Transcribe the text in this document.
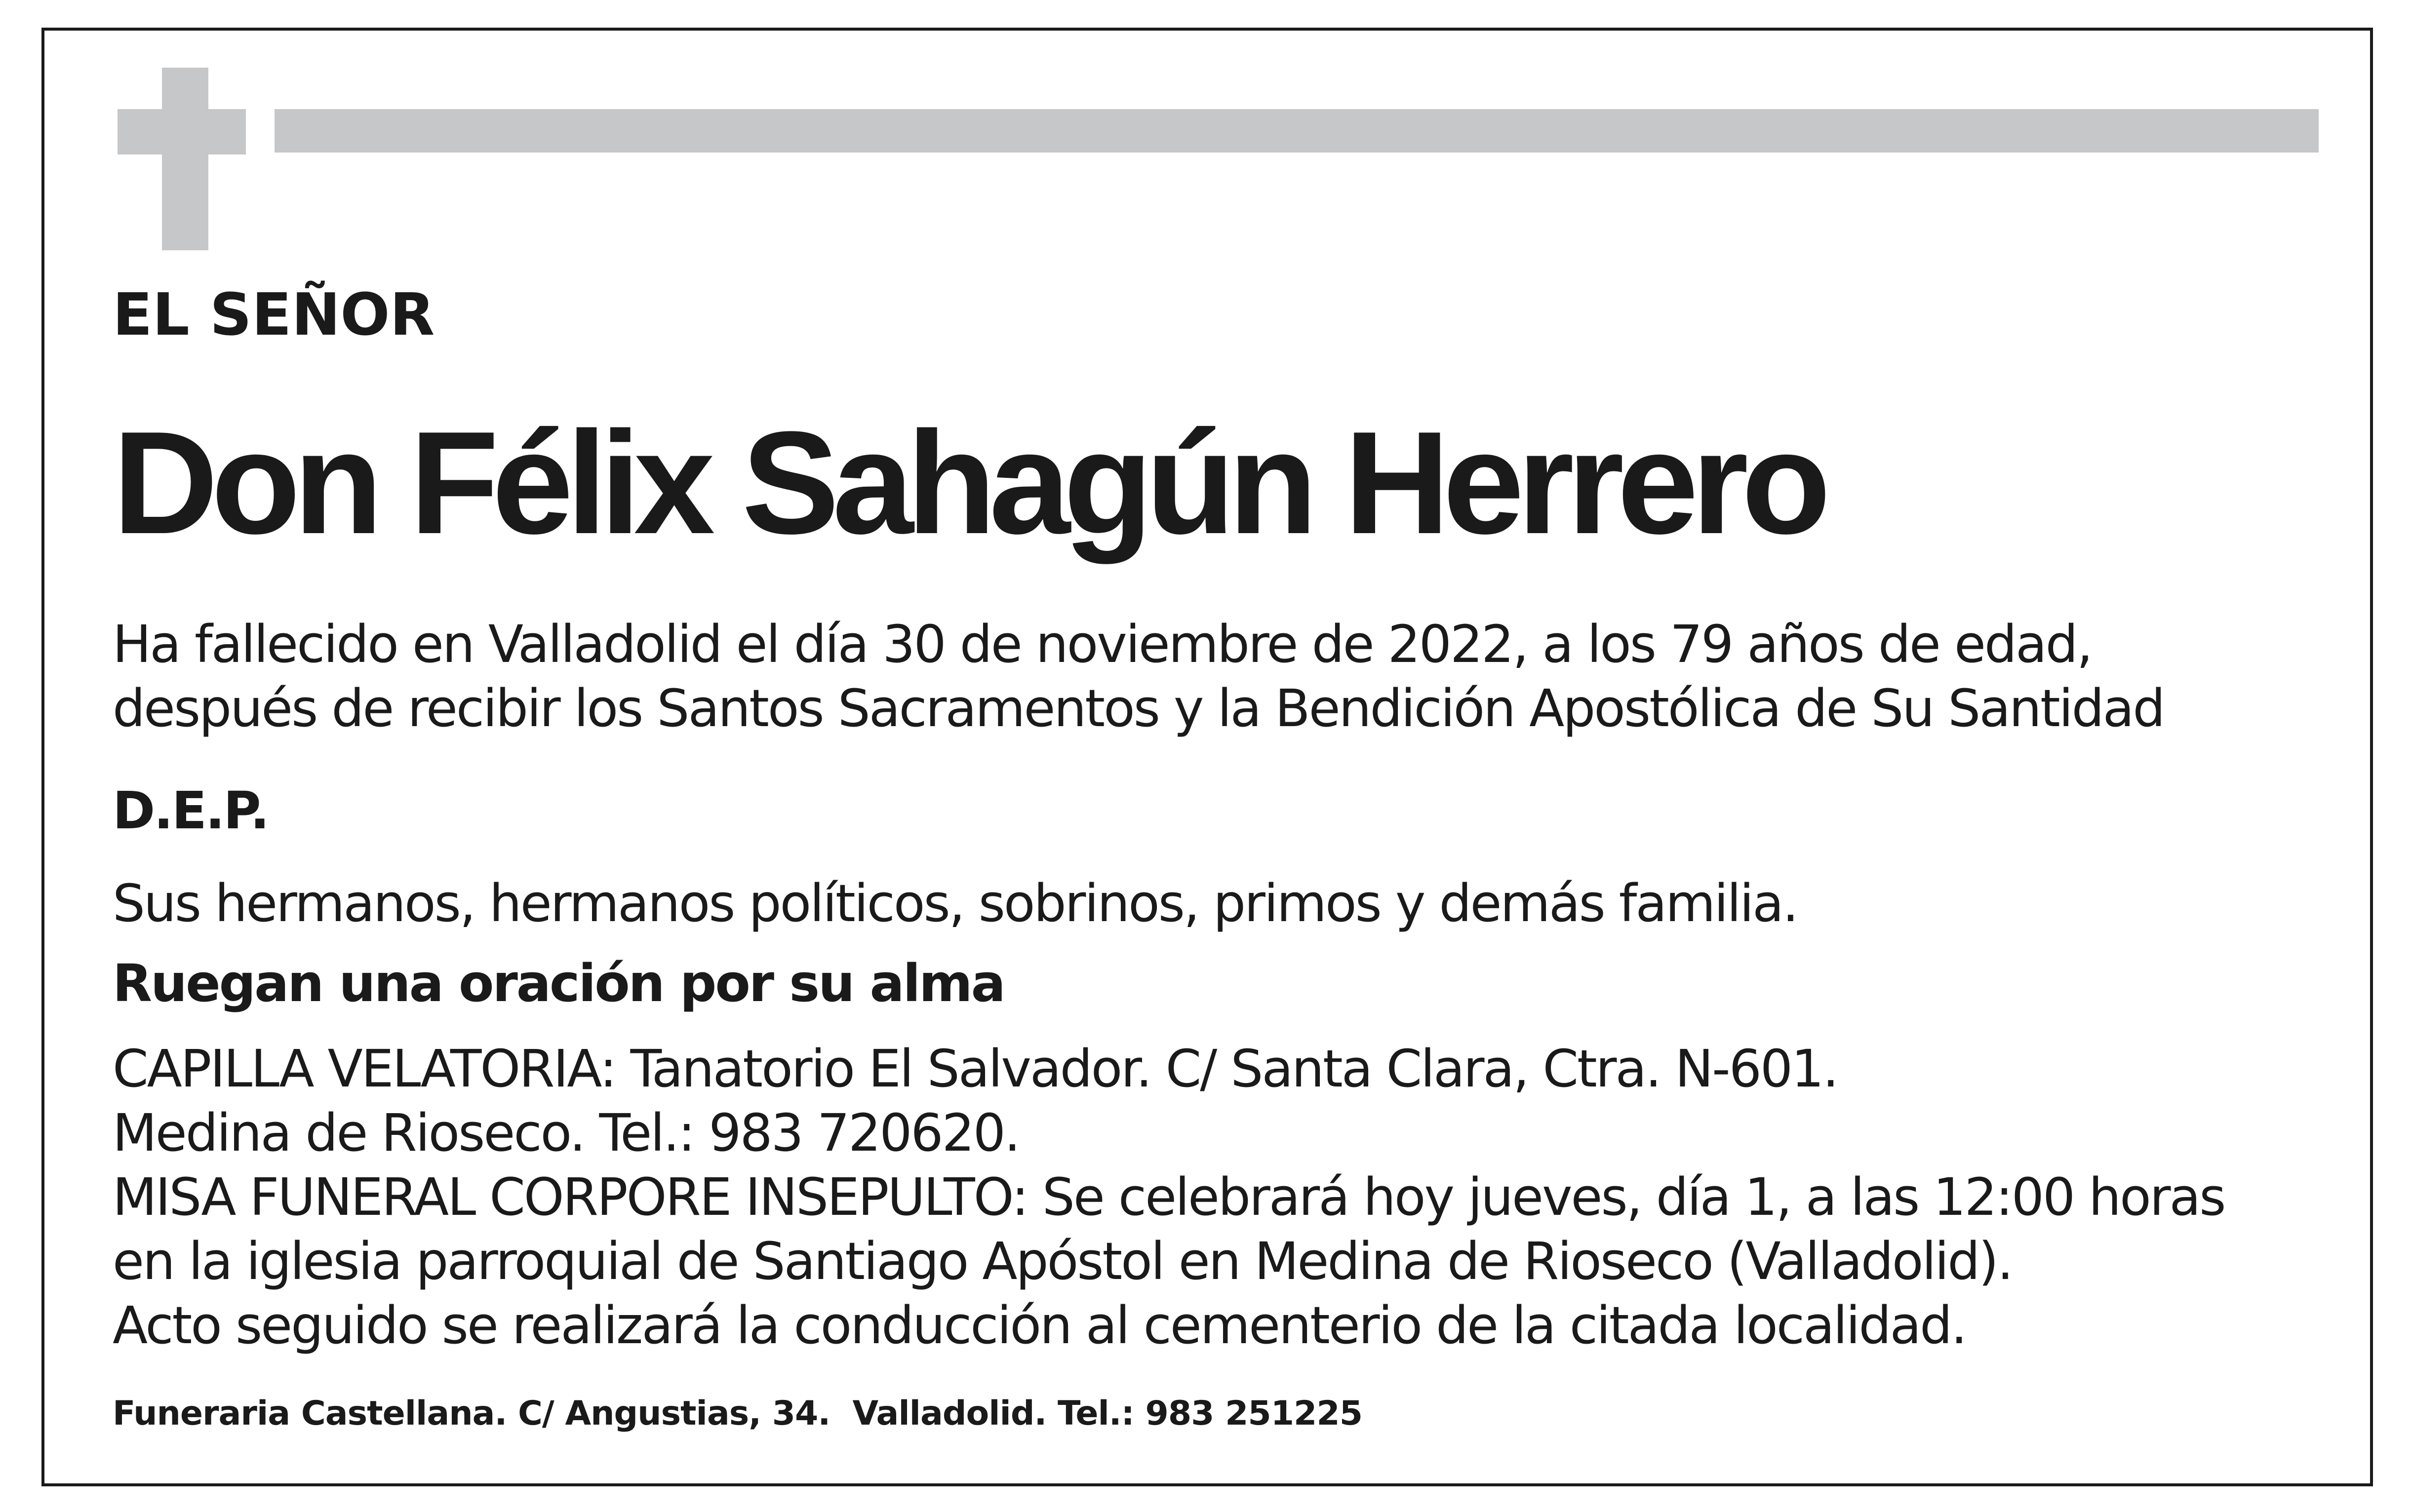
EL SEÑOR

Don Félix Sahagún Herrero

Ha fallecido en Valladolid el día 30 de noviembre de 2022, a los 79 años de edad,
después de recibir los Santos Sacramentos y la Bendición Apostólica de Su Santidad

D.E.P.

Sus hermanos, hermanos políticos, sobrinos, primos y demás familia.

Ruegan una oración por su alma

CAPILLA VELATORIA: Tanatorio El Salvador. C/ Santa Clara, Ctra. N-601.
Medina de Rioseco. Tel.: 983 720620.
MISA FUNERAL CORPORE INSEPULTO: Se celebrará hoy jueves, día 1, a las 12:00 horas
en la iglesia parroquial de Santiago Apóstol en Medina de Rioseco (Valladolid).
Acto seguido se realizará la conducción al cementerio de la citada localidad.

Funeraria Castellana. C/ Angustias, 34.  Valladolid. Tel.: 983 251225
